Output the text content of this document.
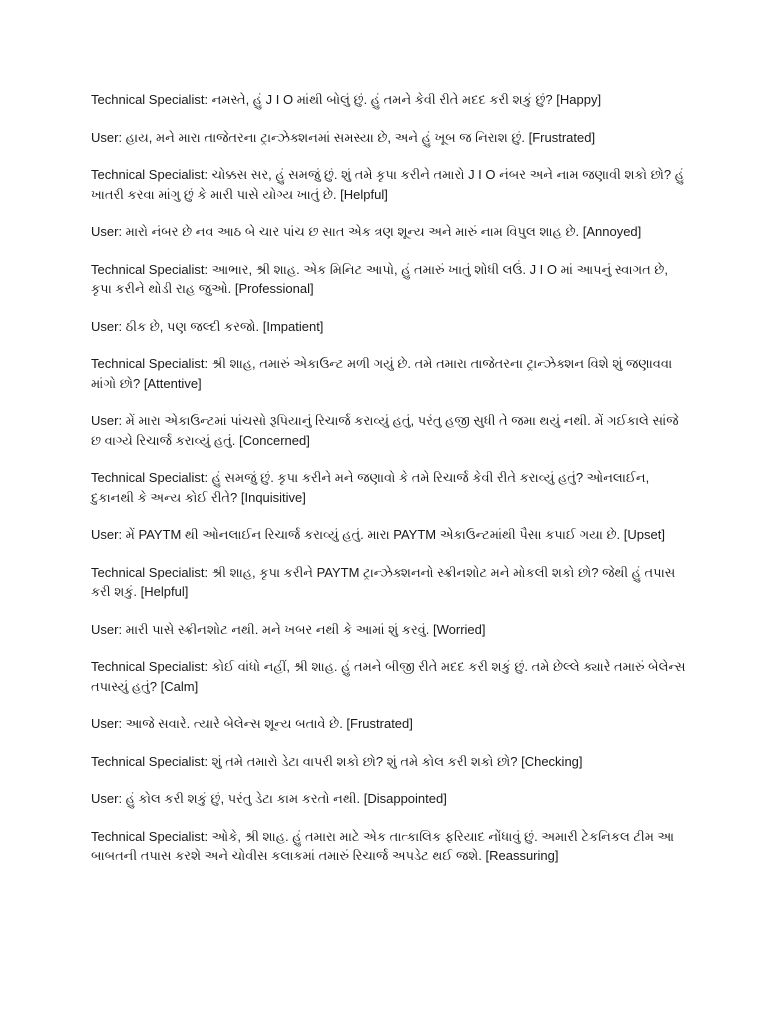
Technical Specialist: નમસ્તે, હું J I O માંથી બોલું છું. હું તમને કેવી રીતે મદદ કરી શકું છું? [Happy]

User: હાય, મને મારા તાજેતરના ટ્રાન્ઝેક્શનમાં સમસ્યા છે, અને હું ખૂબ જ નિરાશ છું. [Frustrated]

Technical Specialist: ચોક્કસ સર, હું સમજું છું. શું તમે કૃપા કરીને તમારો J I O નંબર અને નામ જણાવી શકો છો? હું ખાતરી કરવા માંગુ છું કે મારી પાસે યોગ્ય ખાતું છે. [Helpful]

User: મારો નંબર છે નવ આઠ બે ચાર પાંચ છ સાત એક ત્રણ શૂન્ય અને મારું નામ વિપુલ શાહ છે. [Annoyed]

Technical Specialist: આભાર, શ્રી શાહ. એક મિનિટ આપો, હું તમારું ખાતું શોધી લઉં. J I O માં આપનું સ્વાગત છે, કૃપા કરીને થોડી રાહ જુઓ. [Professional]

User: ઠીક છે, પણ જલ્દી કરજો. [Impatient]

Technical Specialist: શ્રી શાહ, તમારું એકાઉન્ટ મળી ગયું છે. તમે તમારા તાજેતરના ટ્રાન્ઝેક્શન વિશે શું જણાવવા માંગો છો? [Attentive]

User: મેં મારા એકાઉન્ટમાં પાંચસો રૂપિયાનું રિચાર્જ કરાવ્યું હતું, પરંતુ હજી સુધી તે જમા થયું નથી. મેં ગઈકાલે સાંજે છ વાગ્યે રિચાર્જ કરાવ્યું હતું. [Concerned]

Technical Specialist: હું સમજું છું. કૃપા કરીને મને જણાવો કે તમે રિચાર્જ કેવી રીતે કરાવ્યું હતું? ઓનલાઈન, દુકાનથી કે અન્ય કોઈ રીતે? [Inquisitive]

User: મેં PAYTM થી ઓનલાઈન રિચાર્જ કરાવ્યું હતું. મારા PAYTM એકાઉન્ટમાંથી પૈસા કપાઈ ગયા છે. [Upset]

Technical Specialist: શ્રી શાહ, કૃપા કરીને PAYTM ટ્રાન્ઝેક્શનનો સ્ક્રીનશોટ મને મોકલી શકો છો? જેથી હું તપાસ કરી શકું. [Helpful]

User: મારી પાસે સ્ક્રીનશોટ નથી. મને ખબર નથી કે આમાં શું કરવું. [Worried]

Technical Specialist: કોઈ વાંધો નહીં, શ્રી શાહ. હું તમને બીજી રીતે મદદ કરી શકું છું. તમે છેલ્લે ક્યારે તમારું બેલેન્સ તપાસ્યું હતું? [Calm]

User: આજે સવારે. ત્યારે બેલેન્સ શૂન્ય બતાવે છે. [Frustrated]

Technical Specialist: શું તમે તમારો ડેટા વાપરી શકો છો? શું તમે કોલ કરી શકો છો? [Checking]

User: હું કોલ કરી શકું છું, પરંતુ ડેટા કામ કરતો નથી. [Disappointed]

Technical Specialist: ઓકે, શ્રી શાહ. હું તમારા માટે એક તાત્કાલિક ફરિયાદ નોંધાવું છું. અમારી ટેકનિકલ ટીમ આ બાબતની તપાસ કરશે અને ચોવીસ કલાકમાં તમારું રિચાર્જ અપડેટ થઈ જશે. [Reassuring]
